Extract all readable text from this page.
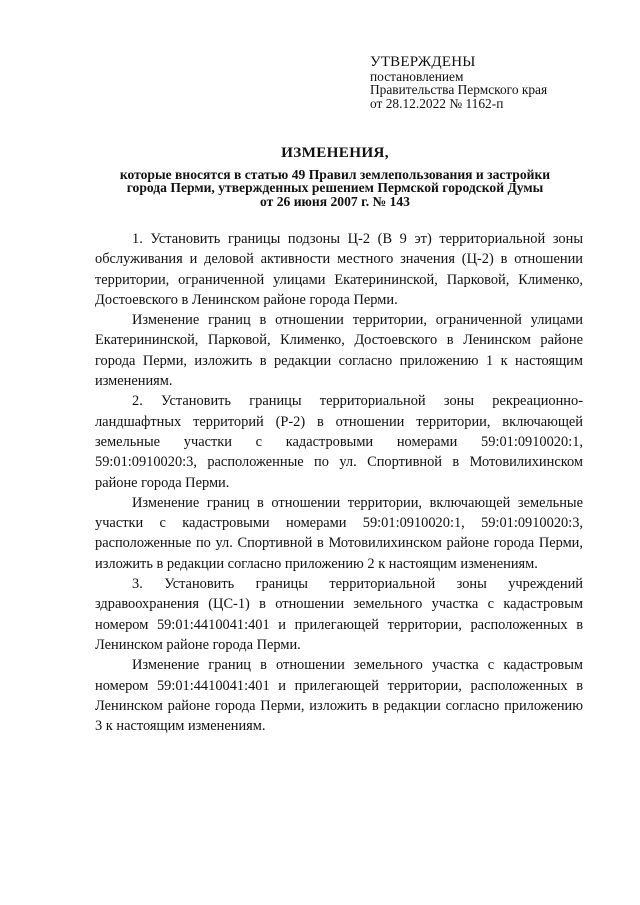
УТВЕРЖДЕНЫ
постановлением
Правительства Пермского края
от 28.12.2022 № 1162-п
ИЗМЕНЕНИЯ,
которые вносятся в статью 49 Правил землепользования и застройки
города Перми, утвержденных решением Пермской городской Думы
от 26 июня 2007 г. № 143

1. Установить границы подзоны Ц-2 (В 9 эт) территориальной зоны обслуживания и деловой активности местного значения (Ц-2) в отношении территории, ограниченной улицами Екатерининской, Парковой, Клименко, Достоевского в Ленинском районе города Перми.

Изменение границ в отношении территории, ограниченной улицами Екатерининской, Парковой, Клименко, Достоевского в Ленинском районе города Перми, изложить в редакции согласно приложению 1 к настоящим изменениям.

2. Установить границы территориальной зоны рекреационно-ландшафтных территорий (Р-2) в отношении территории, включающей земельные участки с кадастровыми номерами 59:01:0910020:1, 59:01:0910020:3, расположенные по ул. Спортивной в Мотовилихинском районе города Перми.

Изменение границ в отношении территории, включающей земельные участки с кадастровыми номерами 59:01:0910020:1, 59:01:0910020:3, расположенные по ул. Спортивной в Мотовилихинском районе города Перми, изложить в редакции согласно приложению 2 к настоящим изменениям.

3. Установить границы территориальной зоны учреждений здравоохранения (ЦС-1) в отношении земельного участка с кадастровым номером 59:01:4410041:401 и прилегающей территории, расположенных в Ленинском районе города Перми.

Изменение границ в отношении земельного участка с кадастровым номером 59:01:4410041:401 и прилегающей территории, расположенных в Ленинском районе города Перми, изложить в редакции согласно приложению 3 к настоящим изменениям.
